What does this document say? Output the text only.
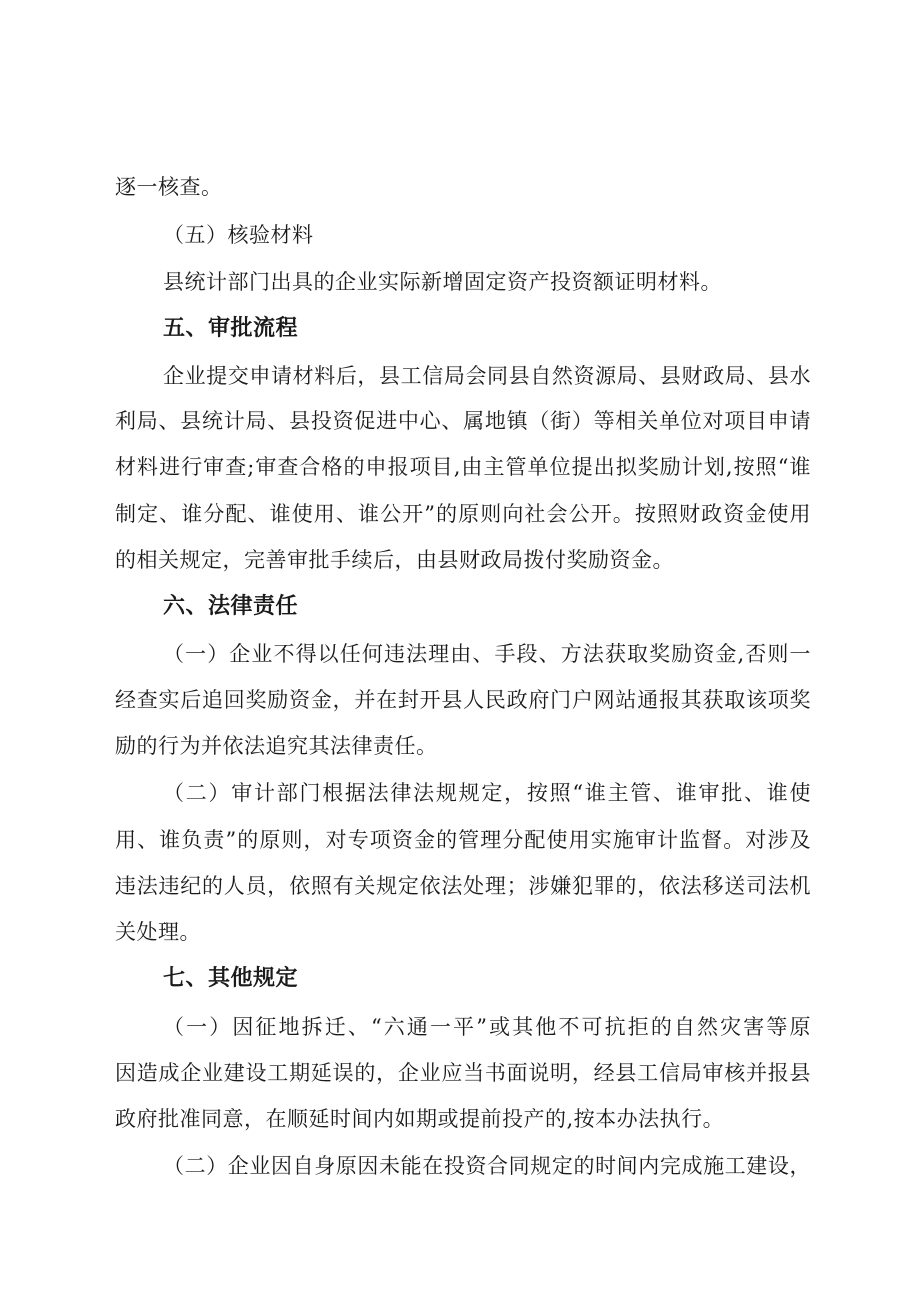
逐一核查。
（五）核验材料
县统计部门出具的企业实际新增固定资产投资额证明材料。
五、审批流程
企业提交申请材料后，县工信局会同县自然资源局、县财政局、县水
利局、县统计局、县投资促进中心、属地镇（街）等相关单位对项目申请
材料进行审查;审查合格的申报项目,由主管单位提出拟奖励计划,按照“谁
制定、谁分配、谁使用、谁公开”的原则向社会公开。按照财政资金使用
的相关规定，完善审批手续后，由县财政局拨付奖励资金。
六、法律责任
（一）企业不得以任何违法理由、手段、方法获取奖励资金,否则一
经查实后追回奖励资金，并在封开县人民政府门户网站通报其获取该项奖
励的行为并依法追究其法律责任。
（二）审计部门根据法律法规规定，按照“谁主管、谁审批、谁使
用、谁负责”的原则，对专项资金的管理分配使用实施审计监督。对涉及
违法违纪的人员，依照有关规定依法处理；涉嫌犯罪的，依法移送司法机
关处理。
七、其他规定
（一）因征地拆迁、“六通一平”或其他不可抗拒的自然灾害等原
因造成企业建设工期延误的，企业应当书面说明，经县工信局审核并报县
政府批准同意，在顺延时间内如期或提前投产的,按本办法执行。
（二）企业因自身原因未能在投资合同规定的时间内完成施工建设，
